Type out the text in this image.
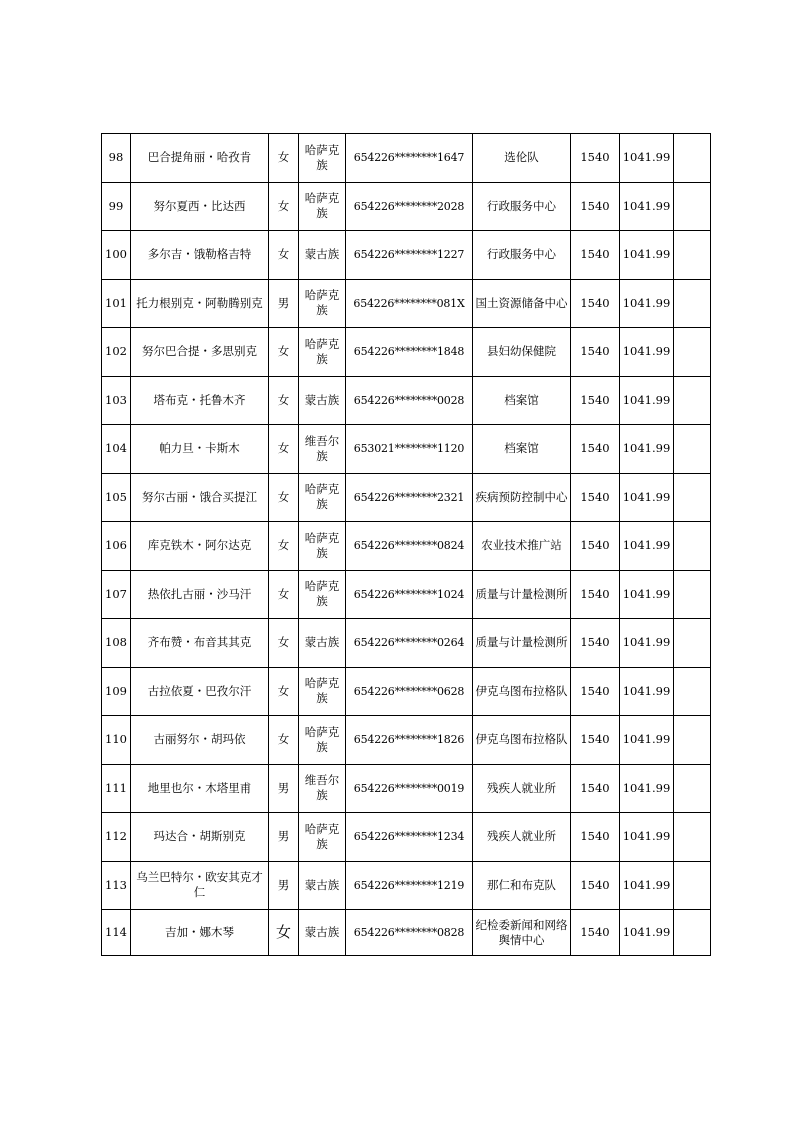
98	巴合提角丽・哈孜肯	女	哈萨克族	654226********1647	选伦队	1540	1041.99	
99	努尔夏西・比达西	女	哈萨克族	654226********2028	行政服务中心	1540	1041.99	
100	多尔吉・饿勒格吉特	女	蒙古族	654226********1227	行政服务中心	1540	1041.99	
101	托力根别克・阿勒腾别克	男	哈萨克族	654226********081X	国土资源储备中心	1540	1041.99	
102	努尔巴合提・多思别克	女	哈萨克族	654226********1848	县妇幼保健院	1540	1041.99	
103	塔布克・托鲁木齐	女	蒙古族	654226********0028	档案馆	1540	1041.99	
104	帕力旦・卡斯木	女	维吾尔族	653021********1120	档案馆	1540	1041.99	
105	努尔古丽・饿合买提江	女	哈萨克族	654226********2321	疾病预防控制中心	1540	1041.99	
106	库克铁木・阿尔达克	女	哈萨克族	654226********0824	农业技术推广站	1540	1041.99	
107	热依扎古丽・沙马汗	女	哈萨克族	654226********1024	质量与计量检测所	1540	1041.99	
108	齐布赞・布音其其克	女	蒙古族	654226********0264	质量与计量检测所	1540	1041.99	
109	古拉依夏・巴孜尔汗	女	哈萨克族	654226********0628	伊克乌图布拉格队	1540	1041.99	
110	古丽努尔・胡玛依	女	哈萨克族	654226********1826	伊克乌图布拉格队	1540	1041.99	
111	地里也尔・木塔里甫	男	维吾尔族	654226********0019	残疾人就业所	1540	1041.99	
112	玛达合・胡斯别克	男	哈萨克族	654226********1234	残疾人就业所	1540	1041.99	
113	乌兰巴特尔・欧安其克才仁	男	蒙古族	654226********1219	那仁和布克队	1540	1041.99	
114	吉加・娜木琴	女	蒙古族	654226********0828	纪检委新闻和网络舆情中心	1540	1041.99	
